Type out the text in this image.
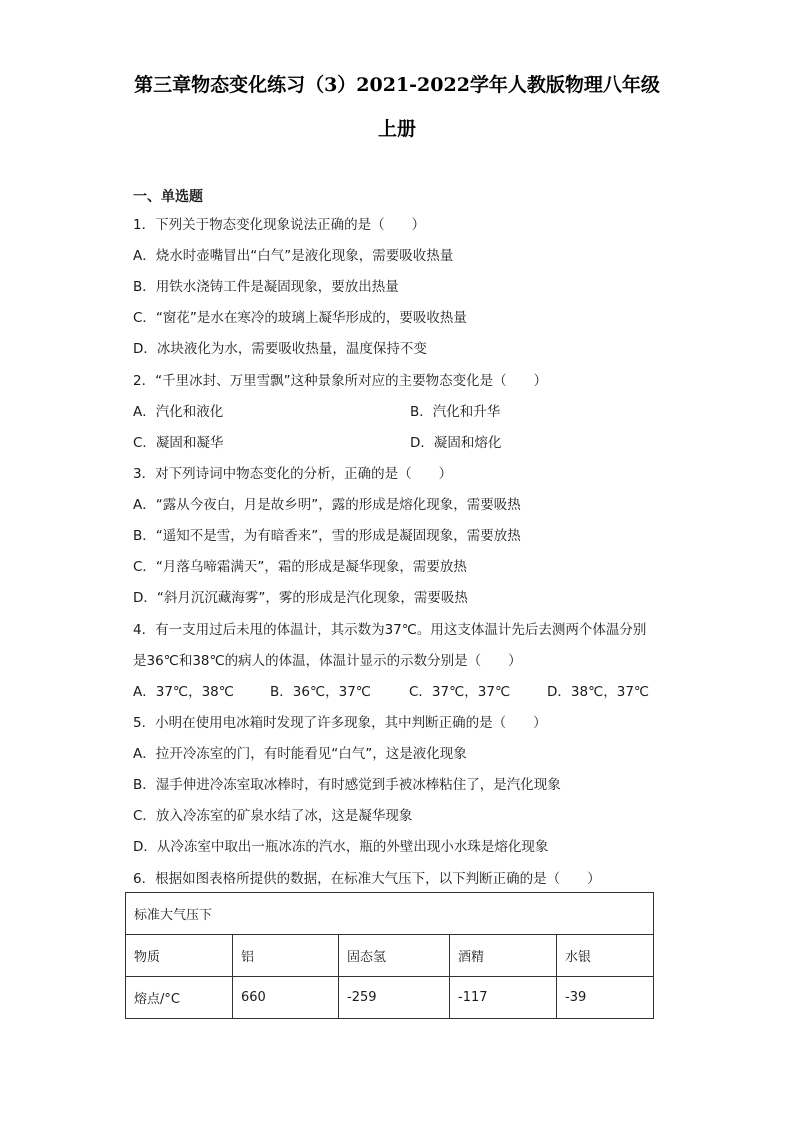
第三章物态变化练习（3）2021-2022学年人教版物理八年级
上册
一、单选题
1．下列关于物态变化现象说法正确的是（　　）
A．烧水时壶嘴冒出“白气”是液化现象，需要吸收热量
B．用铁水浇铸工件是凝固现象，要放出热量
C．“窗花”是水在寒冷的玻璃上凝华形成的，要吸收热量
D．冰块液化为水，需要吸收热量，温度保持不变
2．“千里冰封、万里雪飘”这种景象所对应的主要物态变化是（　　）
A．汽化和液化	B．汽化和升华
C．凝固和凝华	D．凝固和熔化
3．对下列诗词中物态变化的分析，正确的是（　　）
A．“露从今夜白，月是故乡明”，露的形成是熔化现象，需要吸热
B．“遥知不是雪，为有暗香来”，雪的形成是凝固现象，需要放热
C．“月落乌啼霜满天”，霜的形成是凝华现象，需要放热
D．“斜月沉沉藏海雾”，雾的形成是汽化现象，需要吸热
4．有一支用过后未甩的体温计，其示数为37℃。用这支体温计先后去测两个体温分别
是36℃和38℃的病人的体温，体温计显示的示数分别是（　　）
A．37℃，38℃	B．36℃，37℃	C．37℃，37℃	D．38℃，37℃
5．小明在使用电冰箱时发现了许多现象，其中判断正确的是（　　）
A．拉开冷冻室的门，有时能看见“白气”，这是液化现象
B．湿手伸进冷冻室取冰棒时，有时感觉到手被冰棒粘住了，是汽化现象
C．放入冷冻室的矿泉水结了冰，这是凝华现象
D．从冷冻室中取出一瓶冰冻的汽水，瓶的外壁出现小水珠是熔化现象
6．根据如图表格所提供的数据，在标准大气压下，以下判断正确的是（　　）
标准大气压下				
物质	铝	固态氢	酒精	水银
熔点/°C	660	-259	-117	-39
